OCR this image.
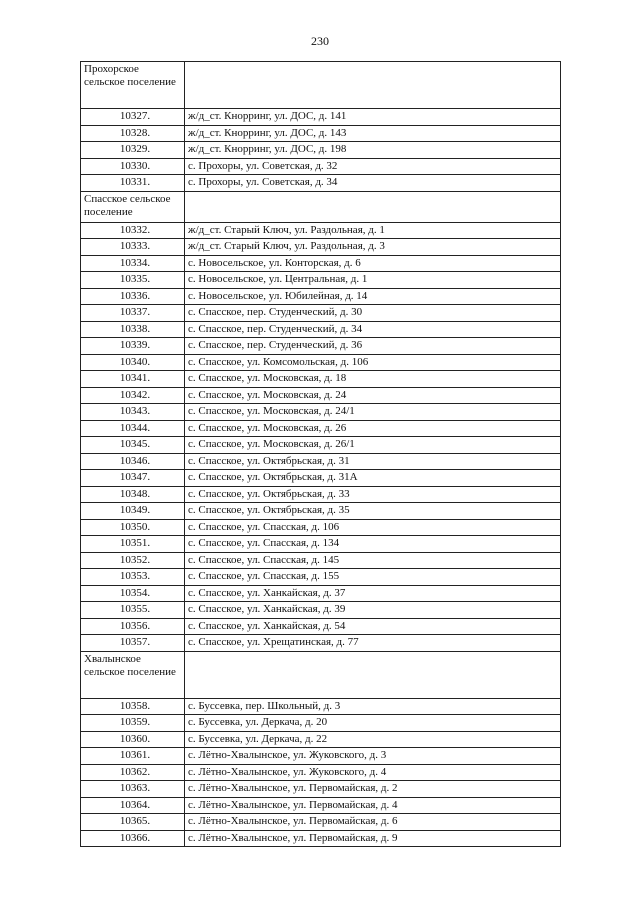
230
Прохорское сельское поселение	
10327.	ж/д_ст. Кнорринг, ул. ДОС, д. 141
10328.	ж/д_ст. Кнорринг, ул. ДОС, д. 143
10329.	ж/д_ст. Кнорринг, ул. ДОС, д. 198
10330.	с. Прохоры, ул. Советская, д. 32
10331.	с. Прохоры, ул. Советская, д. 34
Спасское сельское поселение	
10332.	ж/д_ст. Старый Ключ, ул. Раздольная, д. 1
10333.	ж/д_ст. Старый Ключ, ул. Раздольная, д. 3
10334.	с. Новосельское, ул. Конторская, д. 6
10335.	с. Новосельское, ул. Центральная, д. 1
10336.	с. Новосельское, ул. Юбилейная, д. 14
10337.	с. Спасское, пер. Студенческий, д. 30
10338.	с. Спасское, пер. Студенческий, д. 34
10339.	с. Спасское, пер. Студенческий, д. 36
10340.	с. Спасское, ул. Комсомольская, д. 106
10341.	с. Спасское, ул. Московская, д. 18
10342.	с. Спасское, ул. Московская, д. 24
10343.	с. Спасское, ул. Московская, д. 24/1
10344.	с. Спасское, ул. Московская, д. 26
10345.	с. Спасское, ул. Московская, д. 26/1
10346.	с. Спасское, ул. Октябрьская, д. 31
10347.	с. Спасское, ул. Октябрьская, д. 31А
10348.	с. Спасское, ул. Октябрьская, д. 33
10349.	с. Спасское, ул. Октябрьская, д. 35
10350.	с. Спасское, ул. Спасская, д. 106
10351.	с. Спасское, ул. Спасская, д. 134
10352.	с. Спасское, ул. Спасская, д. 145
10353.	с. Спасское, ул. Спасская, д. 155
10354.	с. Спасское, ул. Ханкайская, д. 37
10355.	с. Спасское, ул. Ханкайская, д. 39
10356.	с. Спасское, ул. Ханкайская, д. 54
10357.	с. Спасское, ул. Хрещатинская, д. 77
Хвалынское сельское поселение	
10358.	с. Буссевка, пер. Школьный, д. 3
10359.	с. Буссевка, ул. Деркача, д. 20
10360.	с. Буссевка, ул. Деркача, д. 22
10361.	с. Лётно-Хвалынское, ул. Жуковского, д. 3
10362.	с. Лётно-Хвалынское, ул. Жуковского, д. 4
10363.	с. Лётно-Хвалынское, ул. Первомайская, д. 2
10364.	с. Лётно-Хвалынское, ул. Первомайская, д. 4
10365.	с. Лётно-Хвалынское, ул. Первомайская, д. 6
10366.	с. Лётно-Хвалынское, ул. Первомайская, д. 9
